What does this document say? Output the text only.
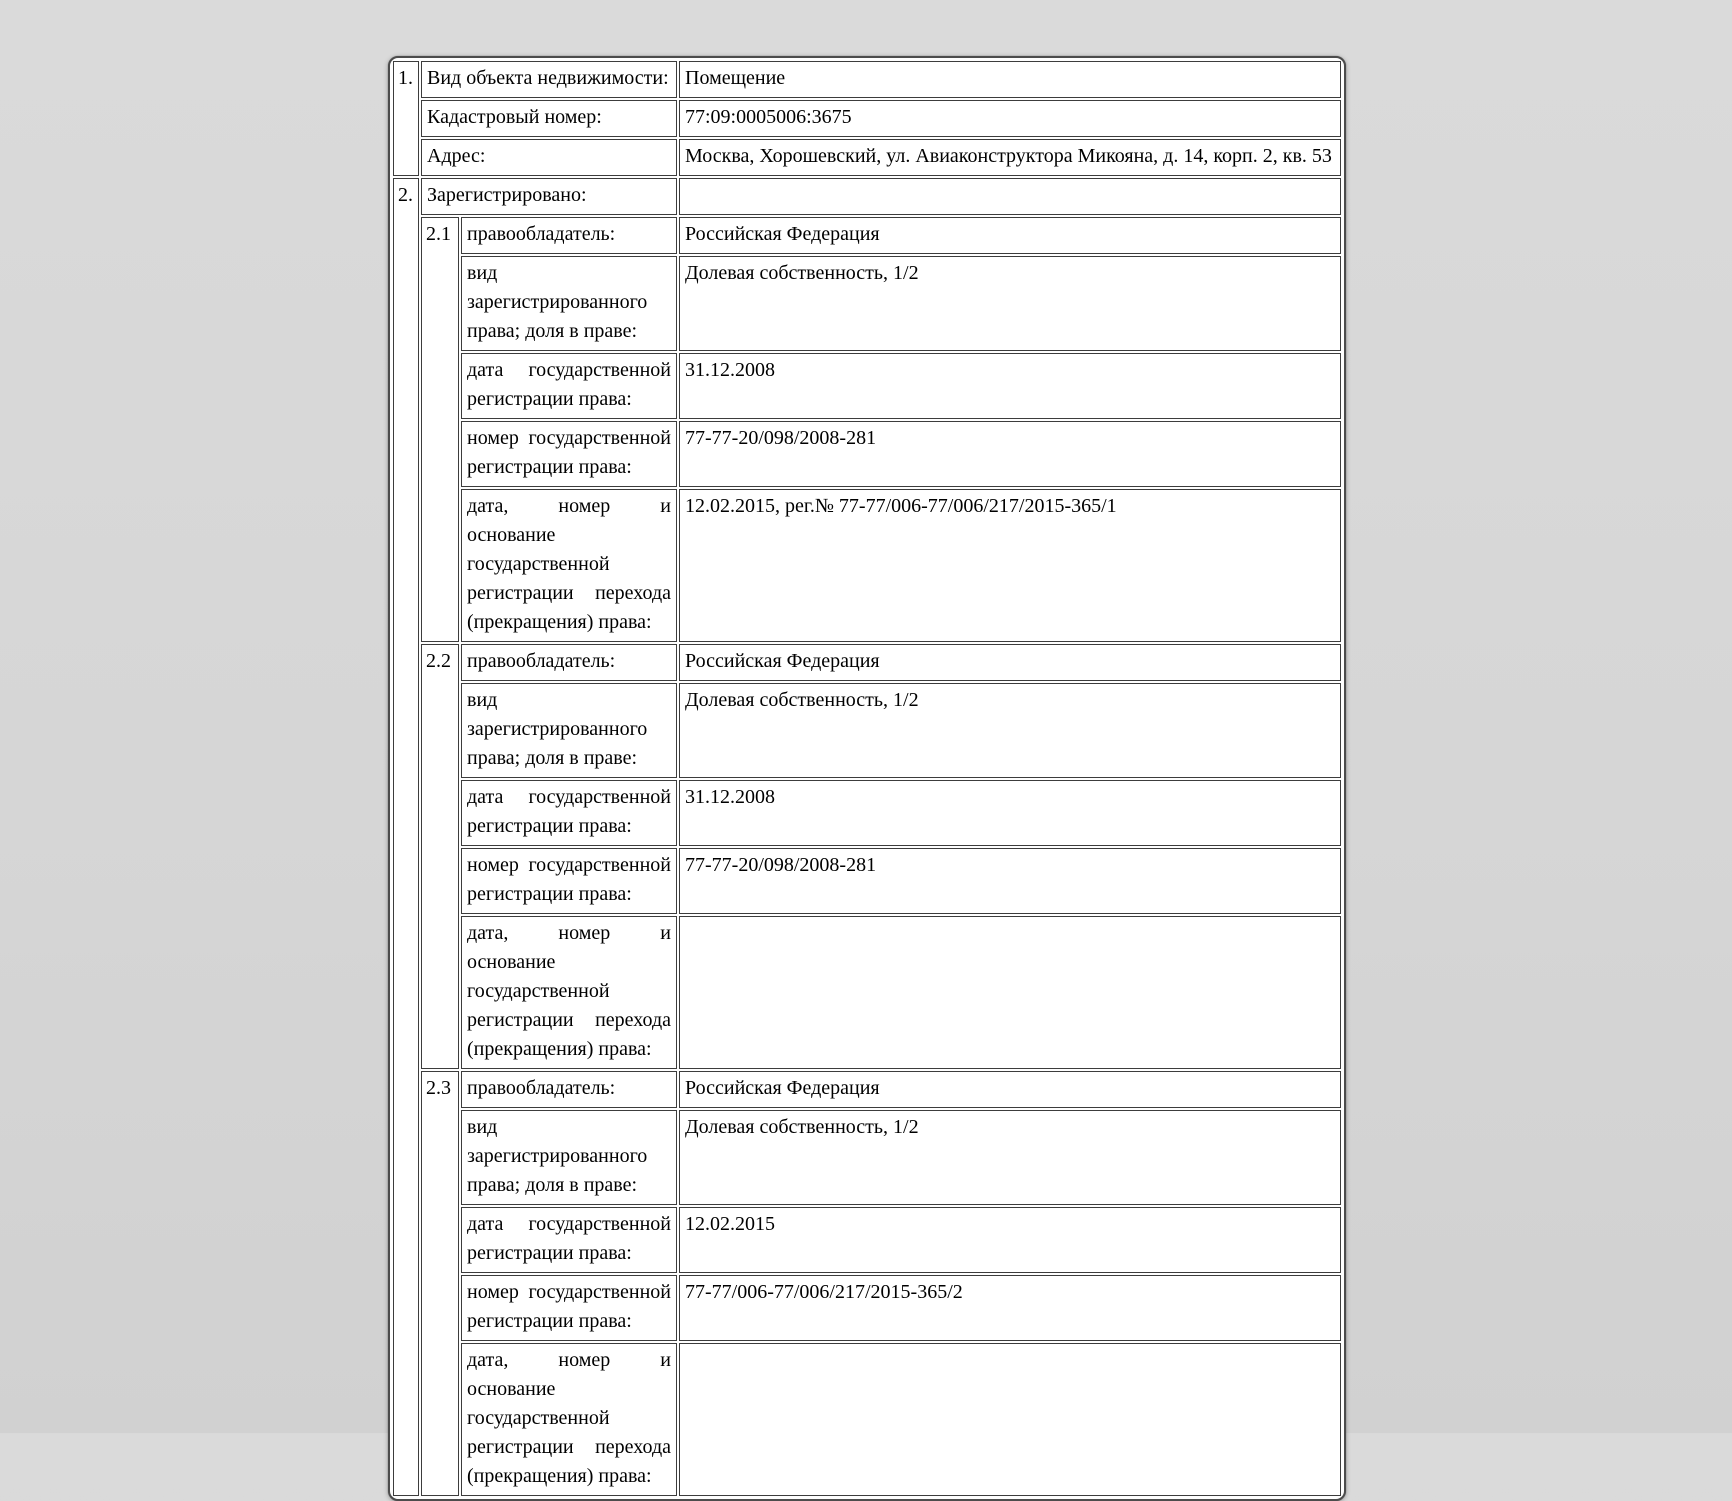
1.	Вид объекта недвижимости:		Помещение
	Кадастровый номер:		77:09:0005006:3675
	Адрес:		Москва, Хорошевский, ул. Авиаконструктора Микояна, д. 14, корп. 2, кв. 53
2.	Зарегистрировано:		
	2.1	правообладатель:	Российская Федерация
		вид зарегистрированного права; доля в праве:	Долевая собственность, 1/2
		дата государственной регистрации права:	31.12.2008
		номер государственной регистрации права:	77-77-20/098/2008-281
		дата, номер и основание государственной регистрации перехода (прекращения) права:	12.02.2015, рег.№ 77-77/006-77/006/217/2015-365/1
	2.2	правообладатель:	Российская Федерация
		вид зарегистрированного права; доля в праве:	Долевая собственность, 1/2
		дата государственной регистрации права:	31.12.2008
		номер государственной регистрации права:	77-77-20/098/2008-281
		дата, номер и основание государственной регистрации перехода (прекращения) права:	
	2.3	правообладатель:	Российская Федерация
		вид зарегистрированного права; доля в праве:	Долевая собственность, 1/2
		дата государственной регистрации права:	12.02.2015
		номер государственной регистрации права:	77-77/006-77/006/217/2015-365/2
		дата, номер и основание государственной регистрации перехода (прекращения) права:	
